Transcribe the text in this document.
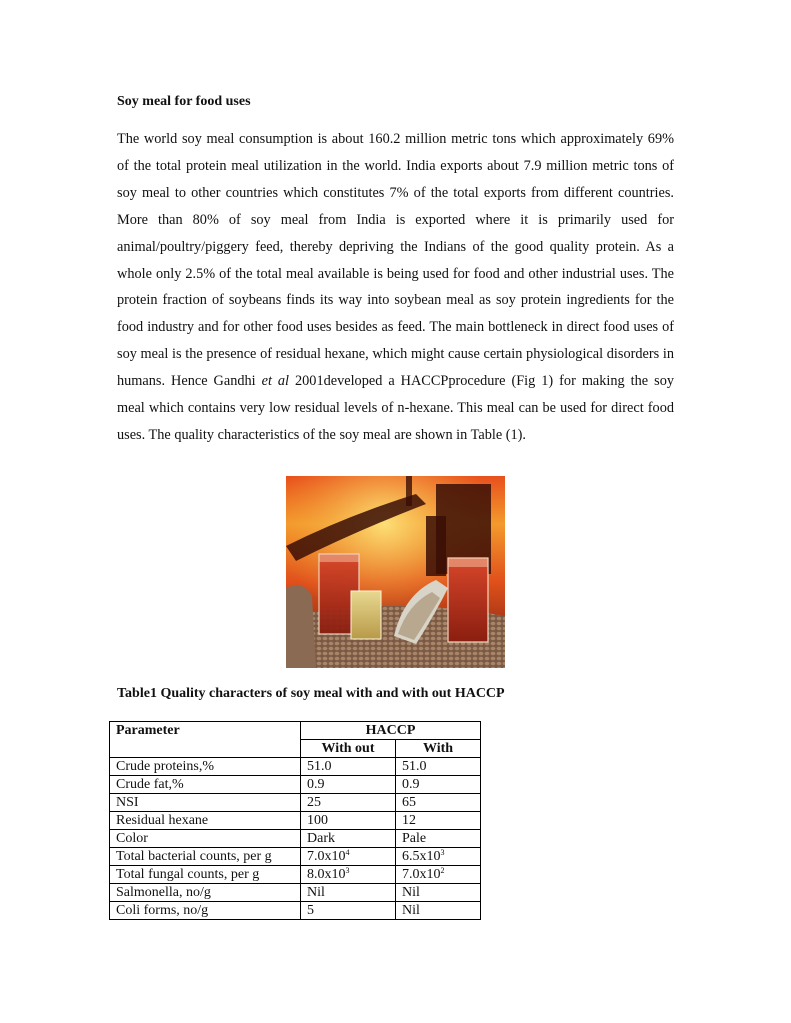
Soy meal for food uses

The world soy meal consumption is about 160.2 million metric tons which approximately 69% of the total protein meal utilization in the world. India exports about 7.9 million metric tons of soy meal to other countries which constitutes 7% of the total exports from different countries. More than 80% of soy meal from India is exported where it is primarily used for animal/poultry/piggery feed, thereby depriving the Indians of the good quality protein. As a whole only 2.5% of the total meal available is being used for food and other industrial uses. The protein fraction of soybeans finds its way into soybean meal as soy protein ingredients for the food industry and for other food uses besides as feed. The main bottleneck in direct food uses of soy meal is the presence of residual hexane, which might cause certain physiological disorders in humans. Hence Gandhi et al 2001developed a HACCPprocedure (Fig 1) for making the soy meal which contains very low residual levels of n-hexane. This meal can be used for direct food uses. The quality characteristics of the soy meal are shown in Table (1).

Table1 Quality characters of soy meal with and with out HACCP

Parameter	HACCP	
	With out	With
Crude proteins,%	51.0	51.0
Crude fat,%	0.9	0.9
NSI	25	65
Residual hexane	100	12
Color	Dark	Pale
Total bacterial counts, per g	$7.0x10^4$	$6.5x10^3$
Total fungal counts, per g	$8.0x10^3$	$7.0x10^2$
Salmonella, no/g	Nil	Nil
Coli forms, no/g	5	Nil
